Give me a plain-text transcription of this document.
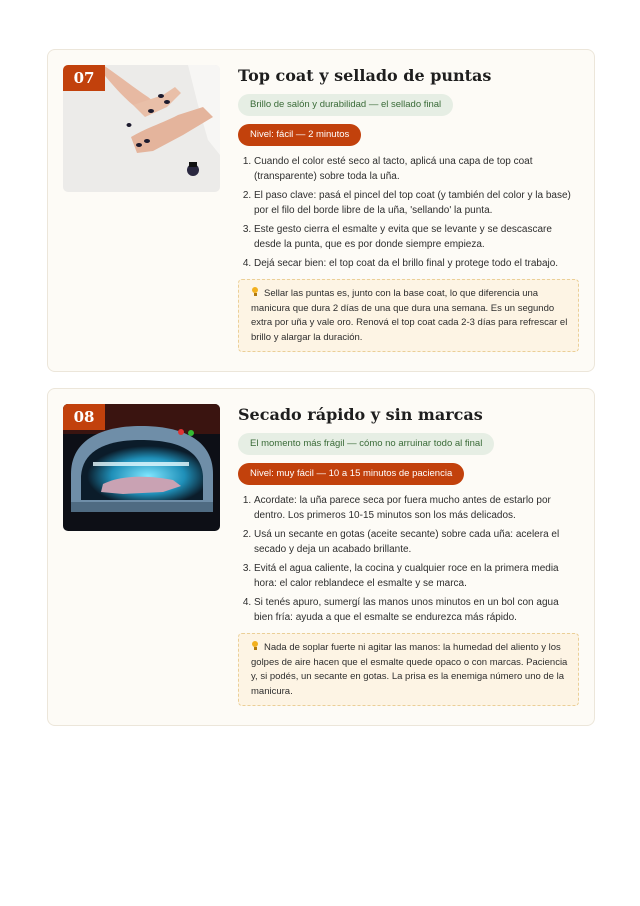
07	Top coat y sellado de puntas
Brillo de salón y durabilidad — el sellado final
Nivel: fácil — 2 minutos
1. Cuando el color esté seco al tacto, aplicá una capa de top coat (transparente) sobre toda la uña.
2. El paso clave: pasá el pincel del top coat (y también del color y la base) por el filo del borde libre de la uña, 'sellando' la punta.
3. Este gesto cierra el esmalte y evita que se levante y se descascare desde la punta, que es por donde siempre empieza.
4. Dejá secar bien: el top coat da el brillo final y protege todo el trabajo.
Sellar las puntas es, junto con la base coat, lo que diferencia una manicura que dura 2 días de una que dura una semana. Es un segundo extra por uña y vale oro. Renová el top coat cada 2-3 días para refrescar el brillo y alargar la duración.
08	Secado rápido y sin marcas
El momento más frágil — cómo no arruinar todo al final
Nivel: muy fácil — 10 a 15 minutos de paciencia
1. Acordate: la uña parece seca por fuera mucho antes de estarlo por dentro. Los primeros 10-15 minutos son los más delicados.
2. Usá un secante en gotas (aceite secante) sobre cada uña: acelera el secado y deja un acabado brillante.
3. Evitá el agua caliente, la cocina y cualquier roce en la primera media hora: el calor reblandece el esmalte y se marca.
4. Si tenés apuro, sumergí las manos unos minutos en un bol con agua bien fría: ayuda a que el esmalte se endurezca más rápido.
Nada de soplar fuerte ni agitar las manos: la humedad del aliento y los golpes de aire hacen que el esmalte quede opaco o con marcas. Paciencia y, si podés, un secante en gotas. La prisa es la enemiga número uno de la manicura.
